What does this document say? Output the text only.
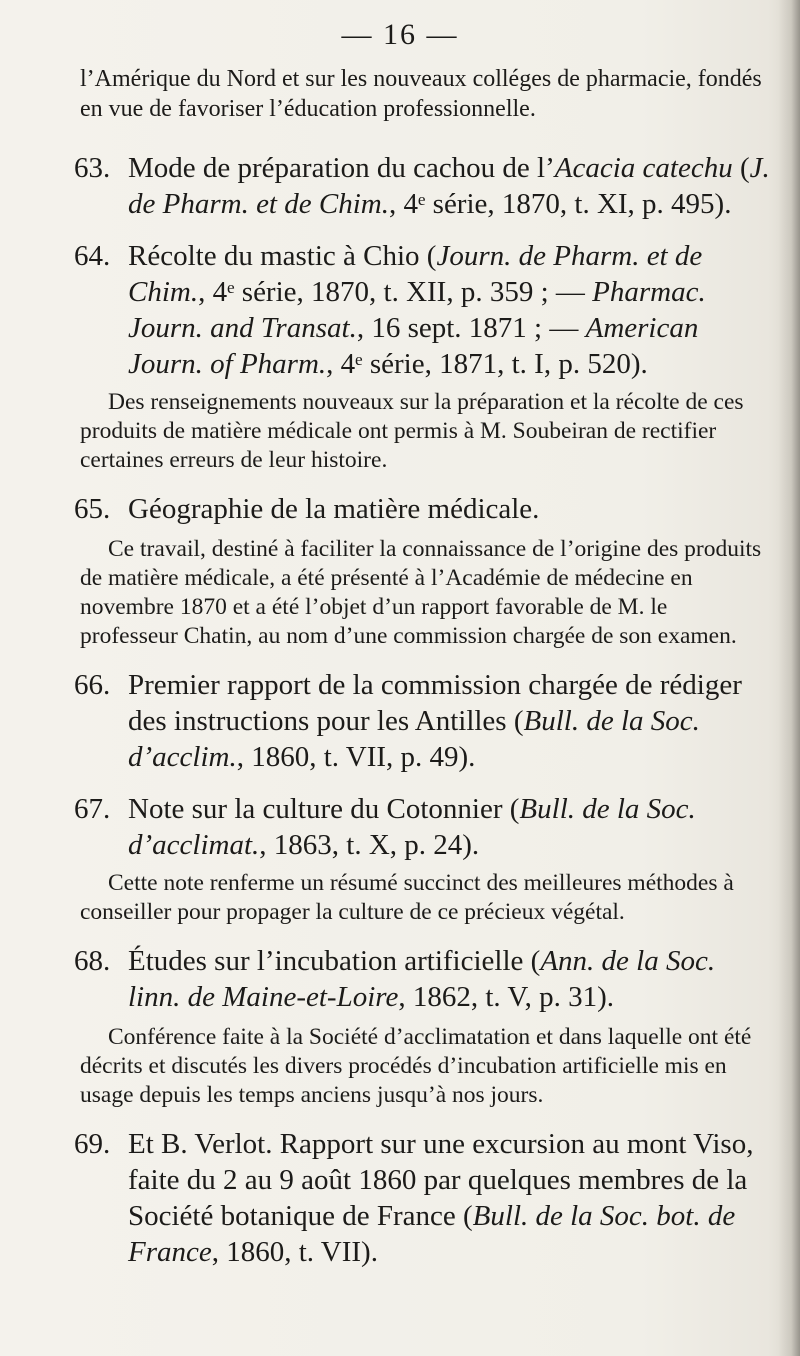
— 16 —

l’Amérique du Nord et sur les nouveaux colléges de pharmacie, fondés en vue de favoriser l’éducation professionnelle.

63. Mode de préparation du cachou de l’Acacia catechu (J. de Pharm. et de Chim., 4ᵉ série, 1870, t. XI, p. 495).
64. Récolte du mastic à Chio (Journ. de Pharm. et de Chim., 4ᵉ série, 1870, t. XII, p. 359 ; — Pharmac. Journ. and Transat., 16 sept. 1871 ; — American Journ. of Pharm., 4ᵉ série, 1871, t. I, p. 520).

Des renseignements nouveaux sur la préparation et la récolte de ces produits de matière médicale ont permis à M. Soubeiran de rectifier certaines erreurs de leur histoire.

65. Géographie de la matière médicale.

Ce travail, destiné à faciliter la connaissance de l’origine des produits de matière médicale, a été présenté à l’Académie de médecine en novembre 1870 et a été l’objet d’un rapport favorable de M. le professeur Chatin, au nom d’une commission chargée de son examen.

66. Premier rapport de la commission chargée de rédiger des instructions pour les Antilles (Bull. de la Soc. d’acclim., 1860, t. VII, p. 49).
67. Note sur la culture du Cotonnier (Bull. de la Soc. d’acclimat., 1863, t. X, p. 24).

Cette note renferme un résumé succinct des meilleures méthodes à conseiller pour propager la culture de ce précieux végétal.

68. Études sur l’incubation artificielle (Ann. de la Soc. linn. de Maine-et-Loire, 1862, t. V, p. 31).

Conférence faite à la Société d’acclimatation et dans laquelle ont été décrits et discutés les divers procédés d’incubation artificielle mis en usage depuis les temps anciens jusqu’à nos jours.

69. Et B. Verlot. Rapport sur une excursion au mont Viso, faite du 2 au 9 août 1860 par quelques membres de la Société botanique de France (Bull. de la Soc. bot. de France, 1860, t. VII).
